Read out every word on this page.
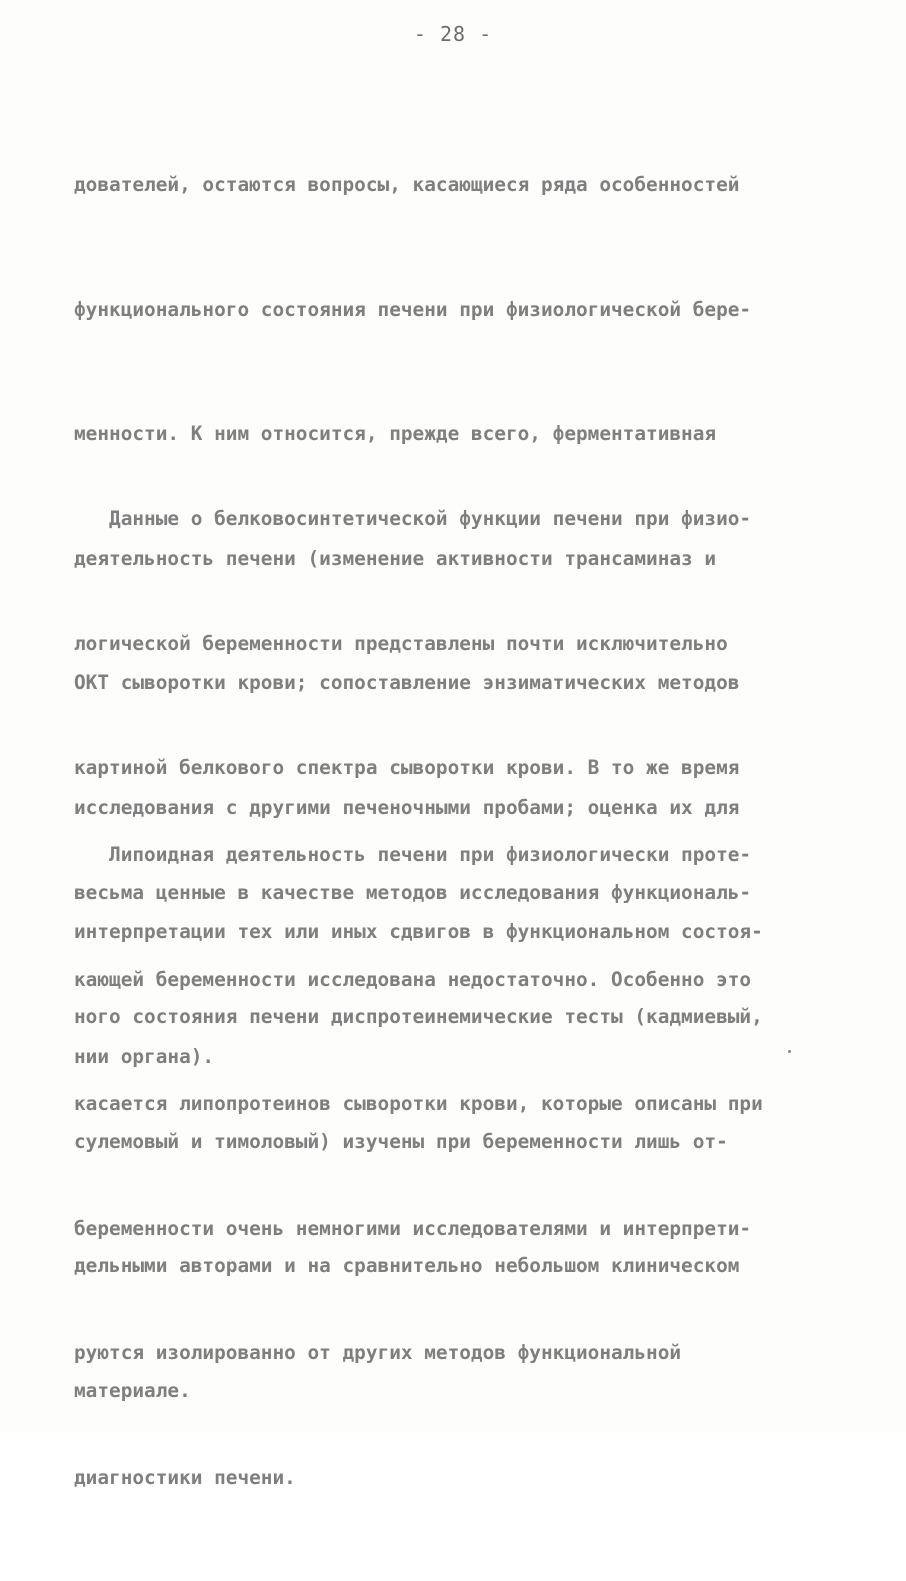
- 28 -

дователей, остаются вопросы, касающиеся ряда особенностей

функционального состояния печени при физиологической бере-

менности. К ним относится, прежде всего, ферментативная

деятельность печени (изменение активности трансаминаз и

ОКТ сыворотки крови; сопоставление энзиматических методов

исследования с другими печеночными пробами; оценка их для

интерпретации тех или иных сдвигов в функциональном состоя-

нии органа).

Данные о белковосинтетической функции печени при физио-

логической беременности представлены почти исключительно

картиной белкового спектра сыворотки крови. В то же время

весьма ценные в качестве методов исследования функциональ-

ного состояния печени диспротеинемические тесты (кадмиевый,

сулемовый и тимоловый) изучены при беременности лишь от-

дельными авторами и на сравнительно небольшом клиническом

материале.

Липоидная деятельность печени при физиологически проте-

кающей беременности исследована недостаточно. Особенно это

касается липопротеинов сыворотки крови, которые описаны при

беременности очень немногими исследователями и интерпрети-

руются изолированно от других методов функциональной

диагностики печени.
